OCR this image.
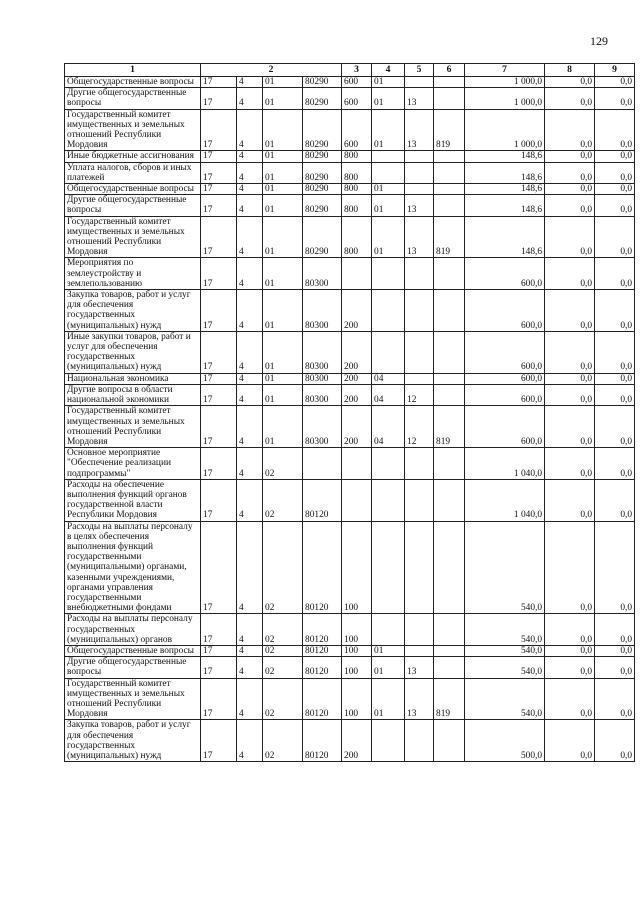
129
1	2				3	4	5	6	7	8	9
Общегосударственные вопросы	17	4	01	80290	600	01			1 000,0	0,0	0,0
Другие общегосударственные вопросы	17	4	01	80290	600	01	13		1 000,0	0,0	0,0
Государственный комитет имущественных и земельных отношений Республики Мордовия	17	4	01	80290	600	01	13	819	1 000,0	0,0	0,0
Иные бюджетные ассигнования	17	4	01	80290	800				148,6	0,0	0,0
Уплата налогов, сборов и иных платежей	17	4	01	80290	800				148,6	0,0	0,0
Общегосударственные вопросы	17	4	01	80290	800	01			148,6	0,0	0,0
Другие общегосударственные вопросы	17	4	01	80290	800	01	13		148,6	0,0	0,0
Государственный комитет имущественных и земельных отношений Республики Мордовия	17	4	01	80290	800	01	13	819	148,6	0,0	0,0
Мероприятия по землеустройству и землепользованию	17	4	01	80300					600,0	0,0	0,0
Закупка товаров, работ и услуг для обеспечения государственных (муниципальных) нужд	17	4	01	80300	200				600,0	0,0	0,0
Иные закупки товаров, работ и услуг для обеспечения государственных (муниципальных) нужд	17	4	01	80300	200				600,0	0,0	0,0
Национальная экономика	17	4	01	80300	200	04			600,0	0,0	0,0
Другие вопросы в области национальной экономики	17	4	01	80300	200	04	12		600,0	0,0	0,0
Государственный комитет имущественных и земельных отношений Республики Мордовия	17	4	01	80300	200	04	12	819	600,0	0,0	0,0
Основное мероприятие "Обеспечение реализации подпрограммы"	17	4	02						1 040,0	0,0	0,0
Расходы на обеспечение выполнения функций органов государственной власти Республики Мордовия	17	4	02	80120					1 040,0	0,0	0,0
Расходы на выплаты персоналу в целях обеспечения выполнения функций государственными (муниципальными) органами, казенными учреждениями, органами управления государственными внебюджетными фондами	17	4	02	80120	100				540,0	0,0	0,0
Расходы на выплаты персоналу государственных (муниципальных) органов	17	4	02	80120	100				540,0	0,0	0,0
Общегосударственные вопросы	17	4	02	80120	100	01			540,0	0,0	0,0
Другие общегосударственные вопросы	17	4	02	80120	100	01	13		540,0	0,0	0,0
Государственный комитет имущественных и земельных отношений Республики Мордовия	17	4	02	80120	100	01	13	819	540,0	0,0	0,0
Закупка товаров, работ и услуг для обеспечения государственных (муниципальных) нужд	17	4	02	80120	200				500,0	0,0	0,0
